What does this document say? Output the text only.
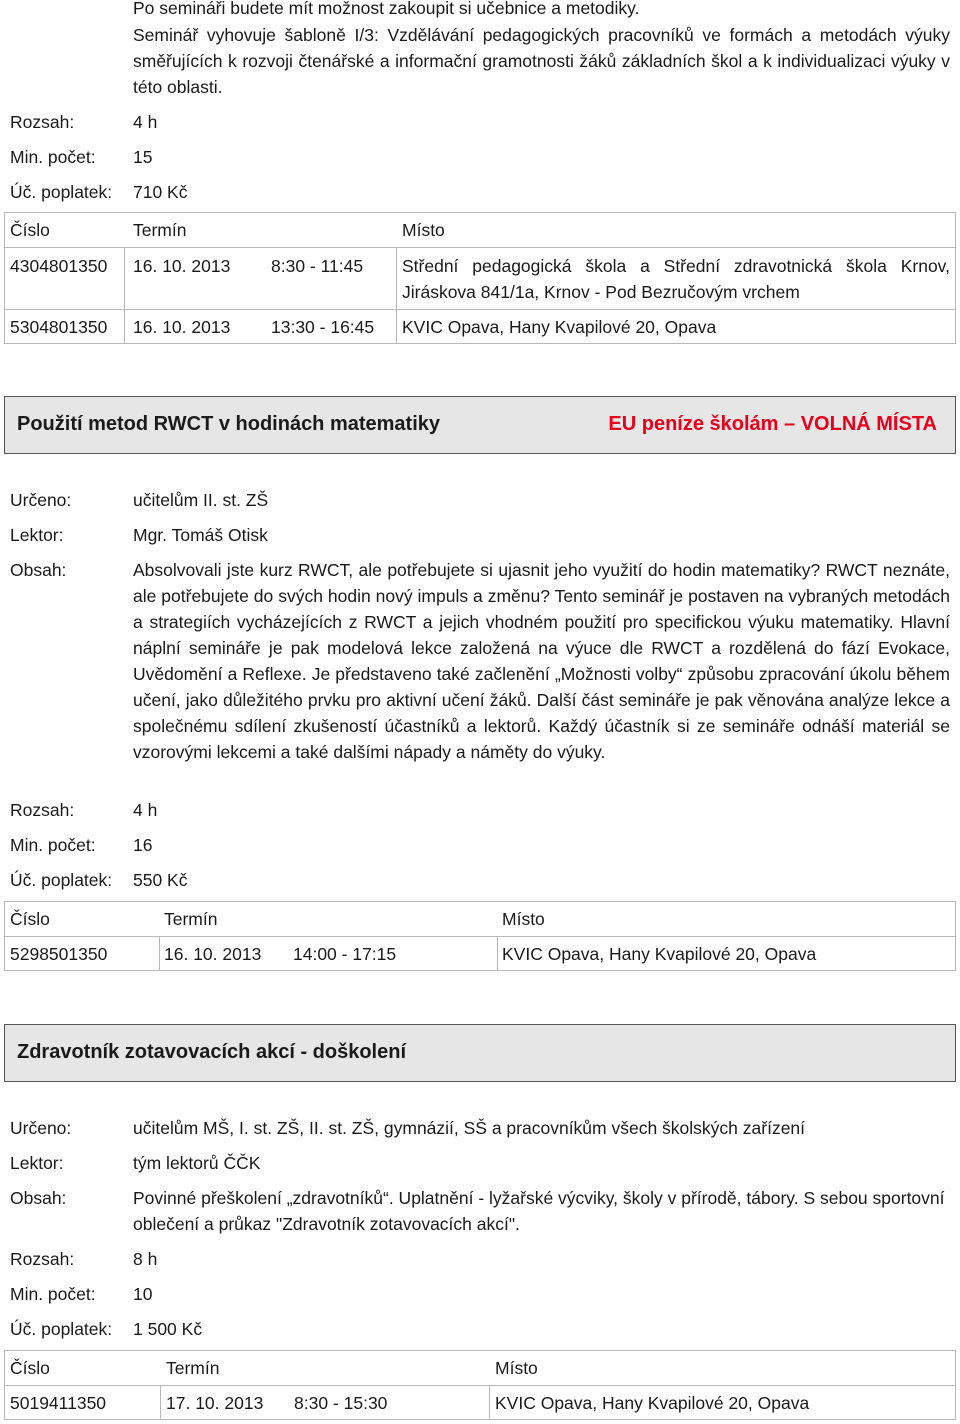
Po semináři budete mít možnost zakoupit si učebnice a metodiky.
Seminář vyhovuje šabloně I/3: Vzdělávání pedagogických pracovníků ve formách a metodách výuky směřujících k rozvoji čtenářské a informační gramotnosti žáků základních škol a k individualizaci výuky v této oblasti.
Rozsah:	4 h
Min. počet: 15
Úč. poplatek: 710 Kč
Číslo	Termín	Místo
4304801350 16. 10. 2013 8:30 - 11:45 Střední pedagogická škola a Střední zdravotnická škola Krnov, Jiráskova 841/1a, Krnov - Pod Bezručovým vrchem
5304801350 16. 10. 2013 13:30 - 16:45 KVIC Opava, Hany Kvapilové 20, Opava
Použití metod RWCT v hodinách matematiky	EU peníze školám – VOLNÁ MÍSTA
Určeno:	učitelům II. st. ZŠ
Lektor:	Mgr. Tomáš Otisk
Obsah:	Absolvovali jste kurz RWCT, ale potřebujete si ujasnit jeho využití do hodin matematiky? RWCT neznáte, ale potřebujete do svých hodin nový impuls a změnu? Tento seminář je postaven na vybraných metodách a strategiích vycházejících z RWCT a jejich vhodném použití pro specifickou výuku matematiky. Hlavní náplní semináře je pak modelová lekce založená na výuce dle RWCT a rozdělená do fází Evokace, Uvědomění a Reflexe. Je představeno také začlenění „Možnosti volby“ způsobu zpracování úkolu během učení, jako důležitého prvku pro aktivní učení žáků. Další část semináře je pak věnována analýze lekce a společnému sdílení zkušeností účastníků a lektorů. Každý účastník si ze semináře odnáší materiál se vzorovými lekcemi a také dalšími nápady a náměty do výuky.
Rozsah:	4 h
Min. počet: 16
Úč. poplatek: 550 Kč
Číslo	Termín	Místo
5298501350	16. 10. 2013 14:00 - 17:15	KVIC Opava, Hany Kvapilové 20, Opava
Zdravotník zotavovacích akcí - doškolení
Určeno:	učitelům MŠ, I. st. ZŠ, II. st. ZŠ, gymnázií, SŠ a pracovníkům všech školských zařízení
Lektor:	tým lektorů ČČK
Obsah:	Povinné přeškolení „zdravotníků“. Uplatnění - lyžařské výcviky, školy v přírodě, tábory. S sebou sportovní oblečení a průkaz "Zdravotník zotavovacích akcí".
Rozsah:	8 h
Min. počet: 10
Úč. poplatek: 1 500 Kč
Číslo	Termín	Místo
5019411350	17. 10. 2013 8:30 - 15:30	KVIC Opava, Hany Kvapilové 20, Opava
